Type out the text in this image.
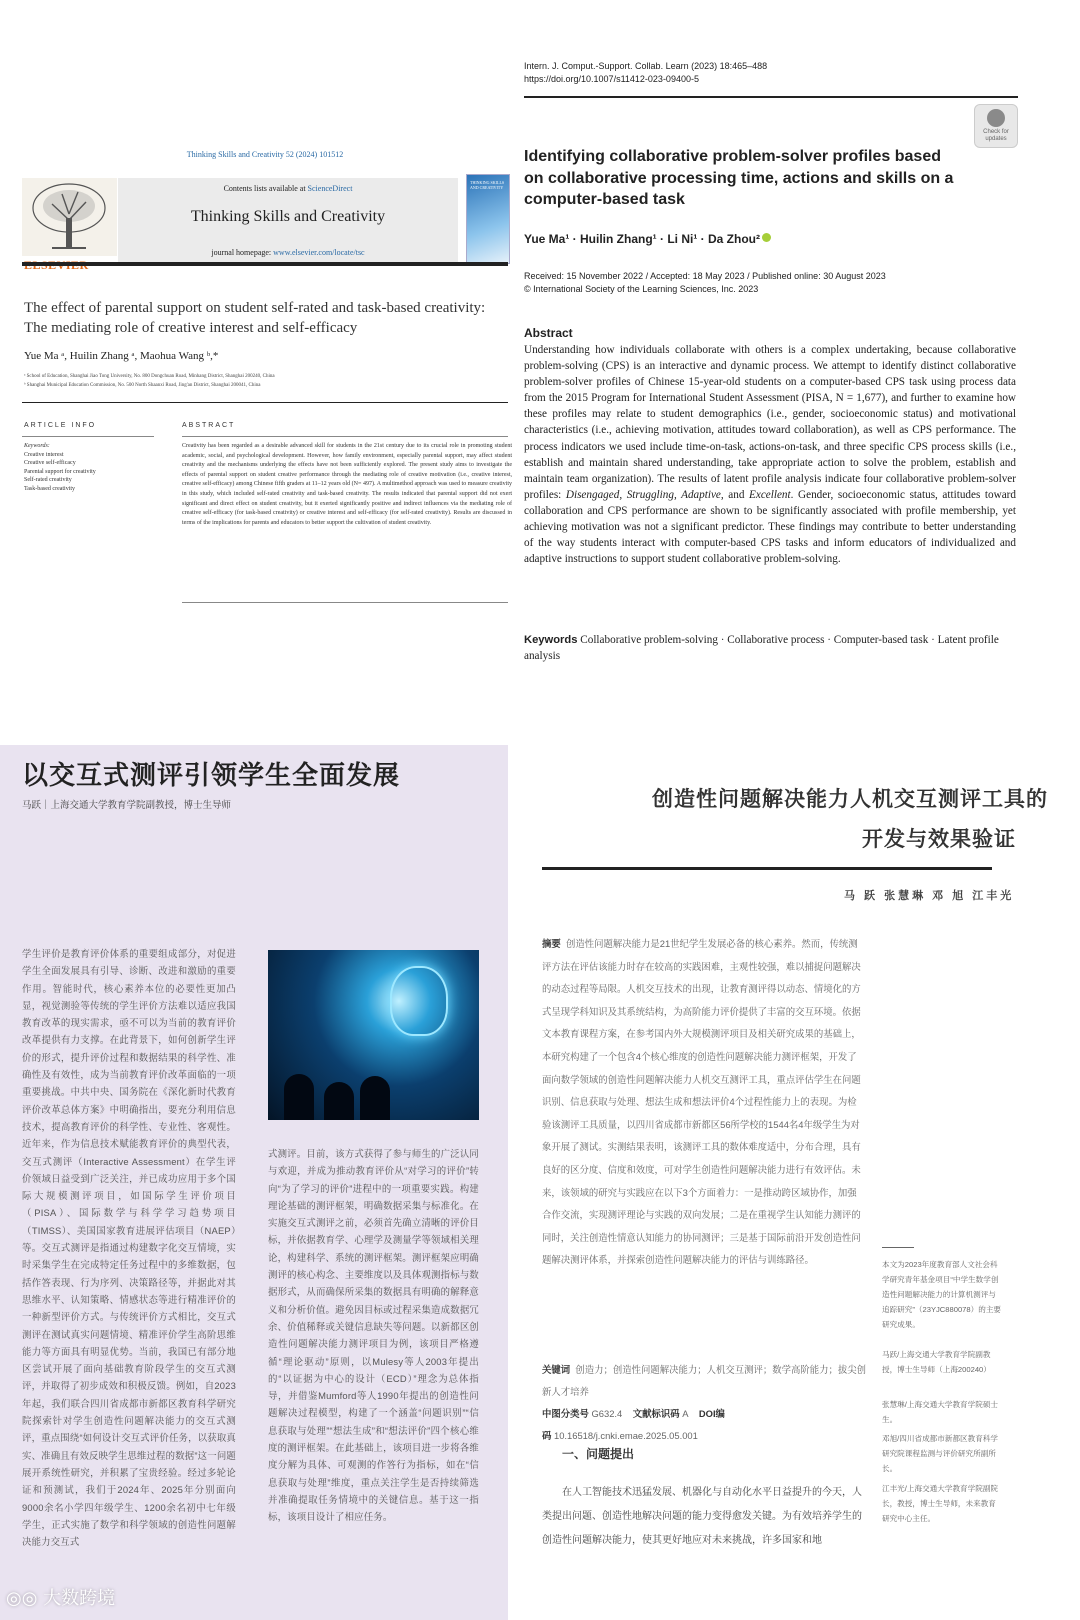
Thinking Skills and Creativity 52 (2024) 101512
Contents lists available at ScienceDirect
Thinking Skills and Creativity
journal homepage: www.elsevier.com/locate/tsc
THINKING SKILLS AND CREATIVITY
The effect of parental support on student self-rated and task-based creativity: The mediating role of creative interest and self-efficacy
Yue Ma ᵃ, Huilin Zhang ᵃ, Maohua Wang ᵇ,*
ᵃ School of Education, Shanghai Jiao Tong University, No. 800 Dongchuan Road, Minhang District, Shanghai 200240, China
ᵇ Shanghai Municipal Education Commission, No. 500 North Shaanxi Road, Jing'an District, Shanghai 200041, China
ARTICLE INFO	ABSTRACT
Keywords:
Creative interest
Creative self-efficacy
Parental support for creativity
Self-rated creativity
Task-based creativity
Creativity has been regarded as a desirable advanced skill for students in the 21st century due to its crucial role in promoting student academic, social, and psychological development. However, how family environment, especially parental support, may affect student creativity and the mechanisms underlying the effects have not been sufficiently explored. The present study aims to investigate the effects of parental support on student creative performance through the mediating role of creative motivation (i.e., creative interest, creative self-efficacy) among Chinese fifth graders at 11–12 years old (N= 497). A multimethod approach was used to measure creativity in this study, which included self-rated creativity and task-based creativity. The results indicated that parental support did not exert significant and direct effect on student creativity, but it exerted significantly positive and indirect influences via the mediating role of creative self-efficacy (for task-based creativity) or creative interest and self-efficacy (for self-rated creativity). Results are discussed in terms of the implications for parents and educators to better support the cultivation of student creativity.
Intern. J. Comput.-Support. Collab. Learn (2023) 18:465–488
https://doi.org/10.1007/s11412-023-09400-5
Check for updates
Identifying collaborative problem-solver profiles based on collaborative processing time, actions and skills on a computer-based task
Yue Ma¹ · Huilin Zhang¹ · Li Ni¹ · Da Zhou²
Received: 15 November 2022 / Accepted: 18 May 2023 / Published online: 30 August 2023
© International Society of the Learning Sciences, Inc. 2023
Abstract
Understanding how individuals collaborate with others is a complex undertaking, because collaborative problem-solving (CPS) is an interactive and dynamic process. We attempt to identify distinct collaborative problem-solver profiles of Chinese 15-year-old students on a computer-based CPS task using process data from the 2015 Program for International Student Assessment (PISA, N = 1,677), and further to examine how these profiles may relate to student demographics (i.e., gender, socioeconomic status) and motivational characteristics (i.e., achieving motivation, attitudes toward collaboration), as well as CPS performance. The process indicators we used include time-on-task, actions-on-task, and three specific CPS process skills (i.e., establish and maintain shared understanding, take appropriate action to solve the problem, establish and maintain team organization). The results of latent profile analysis indicate four collaborative problem-solver profiles: Disengaged, Struggling, Adaptive, and Excellent. Gender, socioeconomic status, attitudes toward collaboration and CPS performance are shown to be significantly associated with profile membership, yet achieving motivation was not a significant predictor. These findings may contribute to better understanding of the way students interact with computer-based CPS tasks and inform educators of individualized and adaptive instructions to support student collaborative problem-solving.
Keywords Collaborative problem-solving · Collaborative process · Computer-based task · Latent profile analysis
以交互式测评引领学生全面发展
马跃｜上海交通大学教育学院副教授，博士生导师
学生评价是教育评价体系的重要组成部分，对促进学生全面发展具有引导、诊断、改进和激励的重要作用。智能时代，核心素养本位的必要性更加凸显，视觉测验等传统的学生评价方法难以适应我国教育改革的现实需求，亟不可以为当前的教育评价改革提供有力支撑。在此背景下，如何创新学生评价的形式，提升评价过程和数据结果的科学性、准确性及有效性，成为当前教育评价改革面临的一项重要挑战。中共中央、国务院在《深化新时代教育评价改革总体方案》中明确指出，要充分利用信息技术，提高教育评价的科学性、专业性、客观性。近年来，作为信息技术赋能教育评价的典型代表，交互式测评（Interactive Assessment）在学生评价领域日益受到广泛关注，并已成功应用于多个国际大规模测评项目，如国际学生评价项目（PISA）、国际数学与科学学习趋势项目（TIMSS）、美国国家教育进展评估项目（NAEP）等。交互式测评是指通过构建数字化交互情境，实时采集学生在完成特定任务过程中的多维数据，包括作答表现、行为序列、决策路径等，并据此对其思维水平、认知策略、情感状态等进行精准评价的一种新型评价方式。与传统评价方式相比，交互式测评在测试真实问题情境、精准评价学生高阶思维能力等方面具有明显优势。当前，我国已有部分地区尝试开展了面向基础教育阶段学生的交互式测评，并取得了初步成效和积极反馈。例如，自2023年起，我们联合四川省成都市新都区教育科学研究院探索针对学生创造性问题解决能力的交互式测评，重点围绕“如何设计交互式评价任务，以获取真实、准确且有效反映学生思维过程的数据”这一问题展开系统性研究，并积累了宝贵经验。经过多轮论证和预测试，我们于2024年、2025年分别面向9000余名小学四年级学生、1200余名初中七年级学生，正式实施了数学和科学领域的创造性问题解决能力交互式
式测评。目前，该方式获得了参与师生的广泛认同与欢迎，并成为推动教育评价从“对学习的评价”转向“为了学习的评价”进程中的一项重要实践。构建理论基础的测评框架，明确数据采集与标准化。在实施交互式测评之前，必须首先确立清晰的评价目标，并依据教育学、心理学及测量学等领域相关理论，构建科学、系统的测评框架。测评框架应明确测评的核心构念、主要维度以及具体观测指标与数据形式，从而确保所采集的数据具有明确的解释意义和分析价值。避免因目标或过程采集造成数据冗余、价值稀释或关键信息缺失等问题。以新都区创造性问题解决能力测评项目为例，该项目严格遵循“理论驱动”原则，以Mulesy等人2003年提出的“以证据为中心的设计（ECD）”理念为总体指导，并借鉴Mumford等人1990年提出的创造性问题解决过程模型，构建了一个涵盖“问题识别”“信息获取与处理”“想法生成”和“想法评价”四个核心维度的测评框架。在此基础上，该项目进一步将各维度分解为具体、可观测的作答行为指标，如在“信息获取与处理”维度，重点关注学生是否持续筛选并准确提取任务情境中的关键信息。基于这一指标，该项目设计了相应任务。
创造性问题解决能力人机交互测评工具的
开发与效果验证
马 跃 张慧琳 邓 旭 江丰光
摘要 创造性问题解决能力是21世纪学生发展必备的核心素养。然而，传统测评方法在评估该能力时存在较高的实践困难，主观性较强，难以捕捉问题解决的动态过程等局限。人机交互技术的出现，让教育测评得以动态、情境化的方式呈现学科知识及其系统结构，为高阶能力评价提供了丰富的交互环境。依据文本教育课程方案，在参考国内外大规模测评项目及相关研究成果的基础上，本研究构建了一个包含4个核心维度的创造性问题解决能力测评框架，开发了面向数学领域的创造性问题解决能力人机交互测评工具，重点评估学生在问题识别、信息获取与处理、想法生成和想法评价4个过程性能力上的表现。为检验该测评工具质量，以四川省成都市新都区56所学校的1544名4年级学生为对象开展了测试。实测结果表明，该测评工具的数体难度适中，分布合理，具有良好的区分度、信度和效度，可对学生创造性问题解决能力进行有效评估。未来，该领域的研究与实践应在以下3个方面着力：一是推动跨区域协作，加强合作交流，实现测评理论与实践的双向发展；二是在重视学生认知能力测评的同时，关注创造性情意认知能力的协同测评；三是基于国际前沿开发创造性问题解决测评体系，并探索创造性问题解决能力的评估与训练路径。
关键词 创造力；创造性问题解决能力；人机交互测评；数学高阶能力；拔尖创新人才培养
中图分类号 G632.4 文献标识码 A DOI编码 10.16518/j.cnki.emae.2025.05.001
一、问题提出
在人工智能技术迅猛发展、机器化与自动化水平日益提升的今天，人类提出问题、创造性地解决问题的能力变得愈发关键。为有效培养学生的创造性问题解决能力，使其更好地应对未来挑战，许多国家和地
本文为2023年度教育部人文社会科学研究青年基金项目“中学生数学创造性问题解决能力的计算机测评与追踪研究”（23YJC880078）的主要研究成果。
马跃/上海交通大学教育学院副教授，博士生导师（上海200240）
张慧琳/上海交通大学教育学院硕士生。
邓旭/四川省成都市新都区教育科学研究院课程监测与评价研究所副所长。
江丰光/上海交通大学教育学院副院长，教授，博士生导师，未来教育研究中心主任。
◎◎ 大数跨境
